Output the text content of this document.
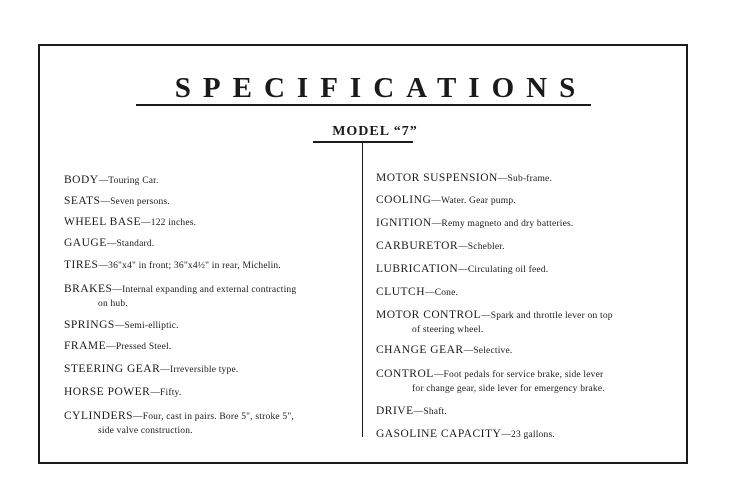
SPECIFICATIONS
MODEL “7”
BODY—Touring Car.
SEATS—Seven persons.
WHEEL BASE—122 inches.
GAUGE—Standard.
TIRES—36"x4" in front; 36"x4½" in rear, Michelin.
BRAKES—Internal expanding and external contracting
on hub.
SPRINGS—Semi-elliptic.
FRAME—Pressed Steel.
STEERING GEAR—Irreversible type.
HORSE POWER—Fifty.
CYLINDERS—Four, cast in pairs. Bore 5", stroke 5",
side valve construction.
MOTOR SUSPENSION—Sub-frame.
COOLING—Water. Gear pump.
IGNITION—Remy magneto and dry batteries.
CARBURETOR—Schebler.
LUBRICATION—Circulating oil feed.
CLUTCH—Cone.
MOTOR CONTROL—Spark and throttle lever on top
of steering wheel.
CHANGE GEAR—Selective.
CONTROL—Foot pedals for service brake, side lever
for change gear, side lever for emergency brake.
DRIVE—Shaft.
GASOLINE CAPACITY—23 gallons.
